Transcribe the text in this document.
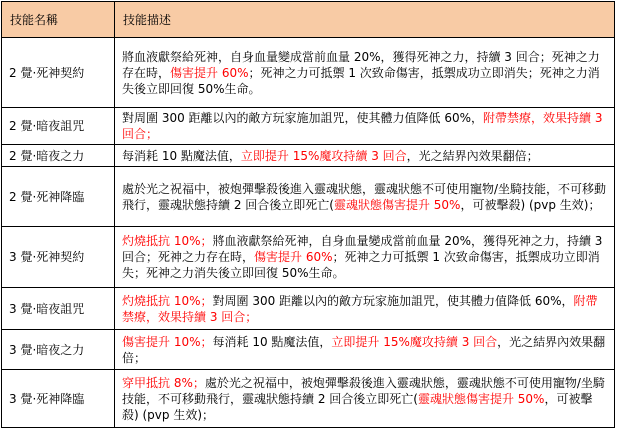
技能名稱	技能描述
2 覺·死神契約	將血液獻祭給死神，自身血量變成當前血量 20%，獲得死神之力，持續 3 回合；死神之力存在時，傷害提升 60%；死神之力可抵禦 1 次致命傷害，抵禦成功立即消失；死神之力消失後立即回復 50%生命。
2 覺·暗夜詛咒	對周圍 300 距離以內的敵方玩家施加詛咒，使其體力值降低 60%，附帶禁療，效果持續 3 回合；
2 覺·暗夜之力	每消耗 10 點魔法值，立即提升 15%魔攻持續 3 回合，光之結界內效果翻倍；
2 覺·死神降臨	處於光之祝福中，被炮彈擊殺後進入靈魂狀態，靈魂狀態不可使用寵物/坐騎技能，不可移動飛行，靈魂狀態持續 2 回合後立即死亡(靈魂狀態傷害提升 50%，可被擊殺) (pvp 生效)；
3 覺·死神契約	灼燒抵抗 10%；將血液獻祭給死神，自身血量變成當前血量 20%，獲得死神之力，持續 3 回合；死神之力存在時，傷害提升 60%；死神之力可抵禦 1 次致命傷害，抵禦成功立即消失；死神之力消失後立即回復 50%生命。
3 覺·暗夜詛咒	灼燒抵抗 10%；對周圍 300 距離以內的敵方玩家施加詛咒，使其體力值降低 60%，附帶禁療，效果持續 3 回合；
3 覺·暗夜之力	傷害提升 10%；每消耗 10 點魔法值，立即提升 15%魔攻持續 3 回合，光之結界內效果翻倍；
3 覺·死神降臨	穿甲抵抗 8%；處於光之祝福中，被炮彈擊殺後進入靈魂狀態，靈魂狀態不可使用寵物/坐騎技能，不可移動飛行，靈魂狀態持續 2 回合後立即死亡(靈魂狀態傷害提升 50%，可被擊殺) (pvp 生效)；
